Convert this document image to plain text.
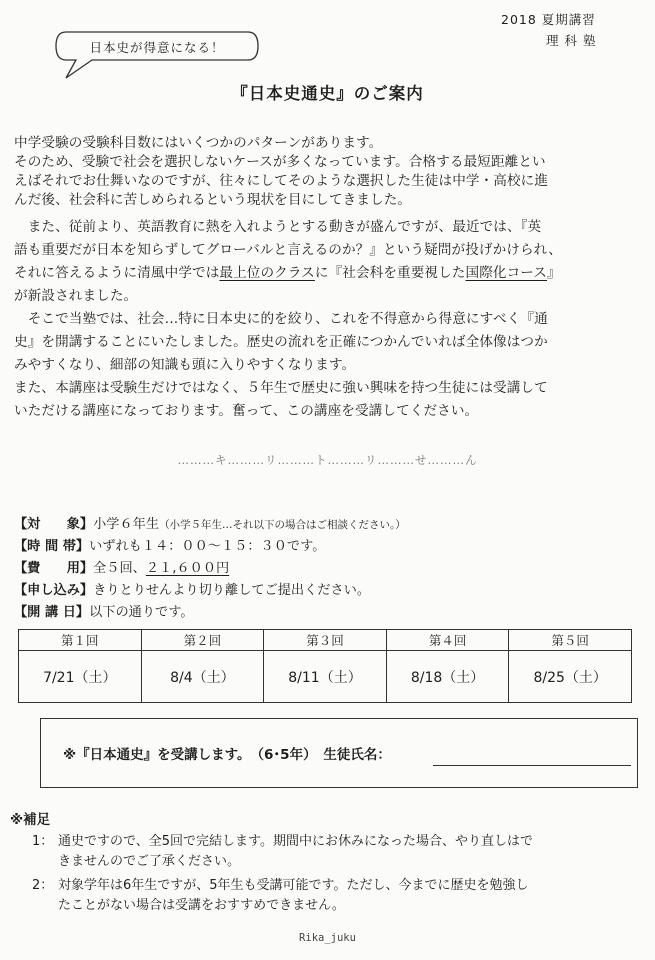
2018 夏期講習
理 科 塾
日本史が得意になる！
『日本史通史』のご案内
中学受験の受験科目数にはいくつかのパターンがあります。
そのため、受験で社会を選択しないケースが多くなっています。合格する最短距離とい
えばそれでお仕舞いなのですが、往々にしてそのような選択した生徒は中学・高校に進
んだ後、社会科に苦しめられるという現状を目にしてきました。
　また、従前より、英語教育に熱を入れようとする動きが盛んですが、最近では、『英
語も重要だが日本を知らずしてグローバルと言えるのか？』という疑問が投げかけられ、
それに答えるように清風中学では最上位のクラスに『社会科を重要視した国際化コース』
が新設されました。
　そこで当塾では、社会…特に日本史に的を絞り、これを不得意から得意にすべく『通
史』を開講することにいたしました。歴史の流れを正確につかんでいれば全体像はつか
みやすくなり、細部の知識も頭に入りやすくなります。
また、本講座は受験生だけではなく、５年生で歴史に強い興味を持つ生徒には受講して
いただける講座になっております。奮って、この講座を受講してください。
………キ………リ………ト………リ………せ………ん
【対　　象】小学６年生（小学５年生…それ以下の場合はご相談ください。）
【時 間 帯】いずれも１４：００～１５：３０です。
【費　　用】全５回、２１,６００円
【申し込み】きりとりせんより切り離してご提出ください。
【開 講 日】以下の通りです。
第１回	第２回	第３回	第４回	第５回
7/21（土）	8/4（土）	8/11（土）	8/18（土）	8/25（土）
※『日本通史』を受講します。　（6･5年）　生徒氏名：
※補足
1： 通史ですので、全5回で完結します。期間中にお休みになった場合、やり直しはで
きませんのでご了承ください。
2： 対象学年は6年生ですが、5年生も受講可能です。ただし、今までに歴史を勉強し
たことがない場合は受講をおすすめできません。
Rika_juku
